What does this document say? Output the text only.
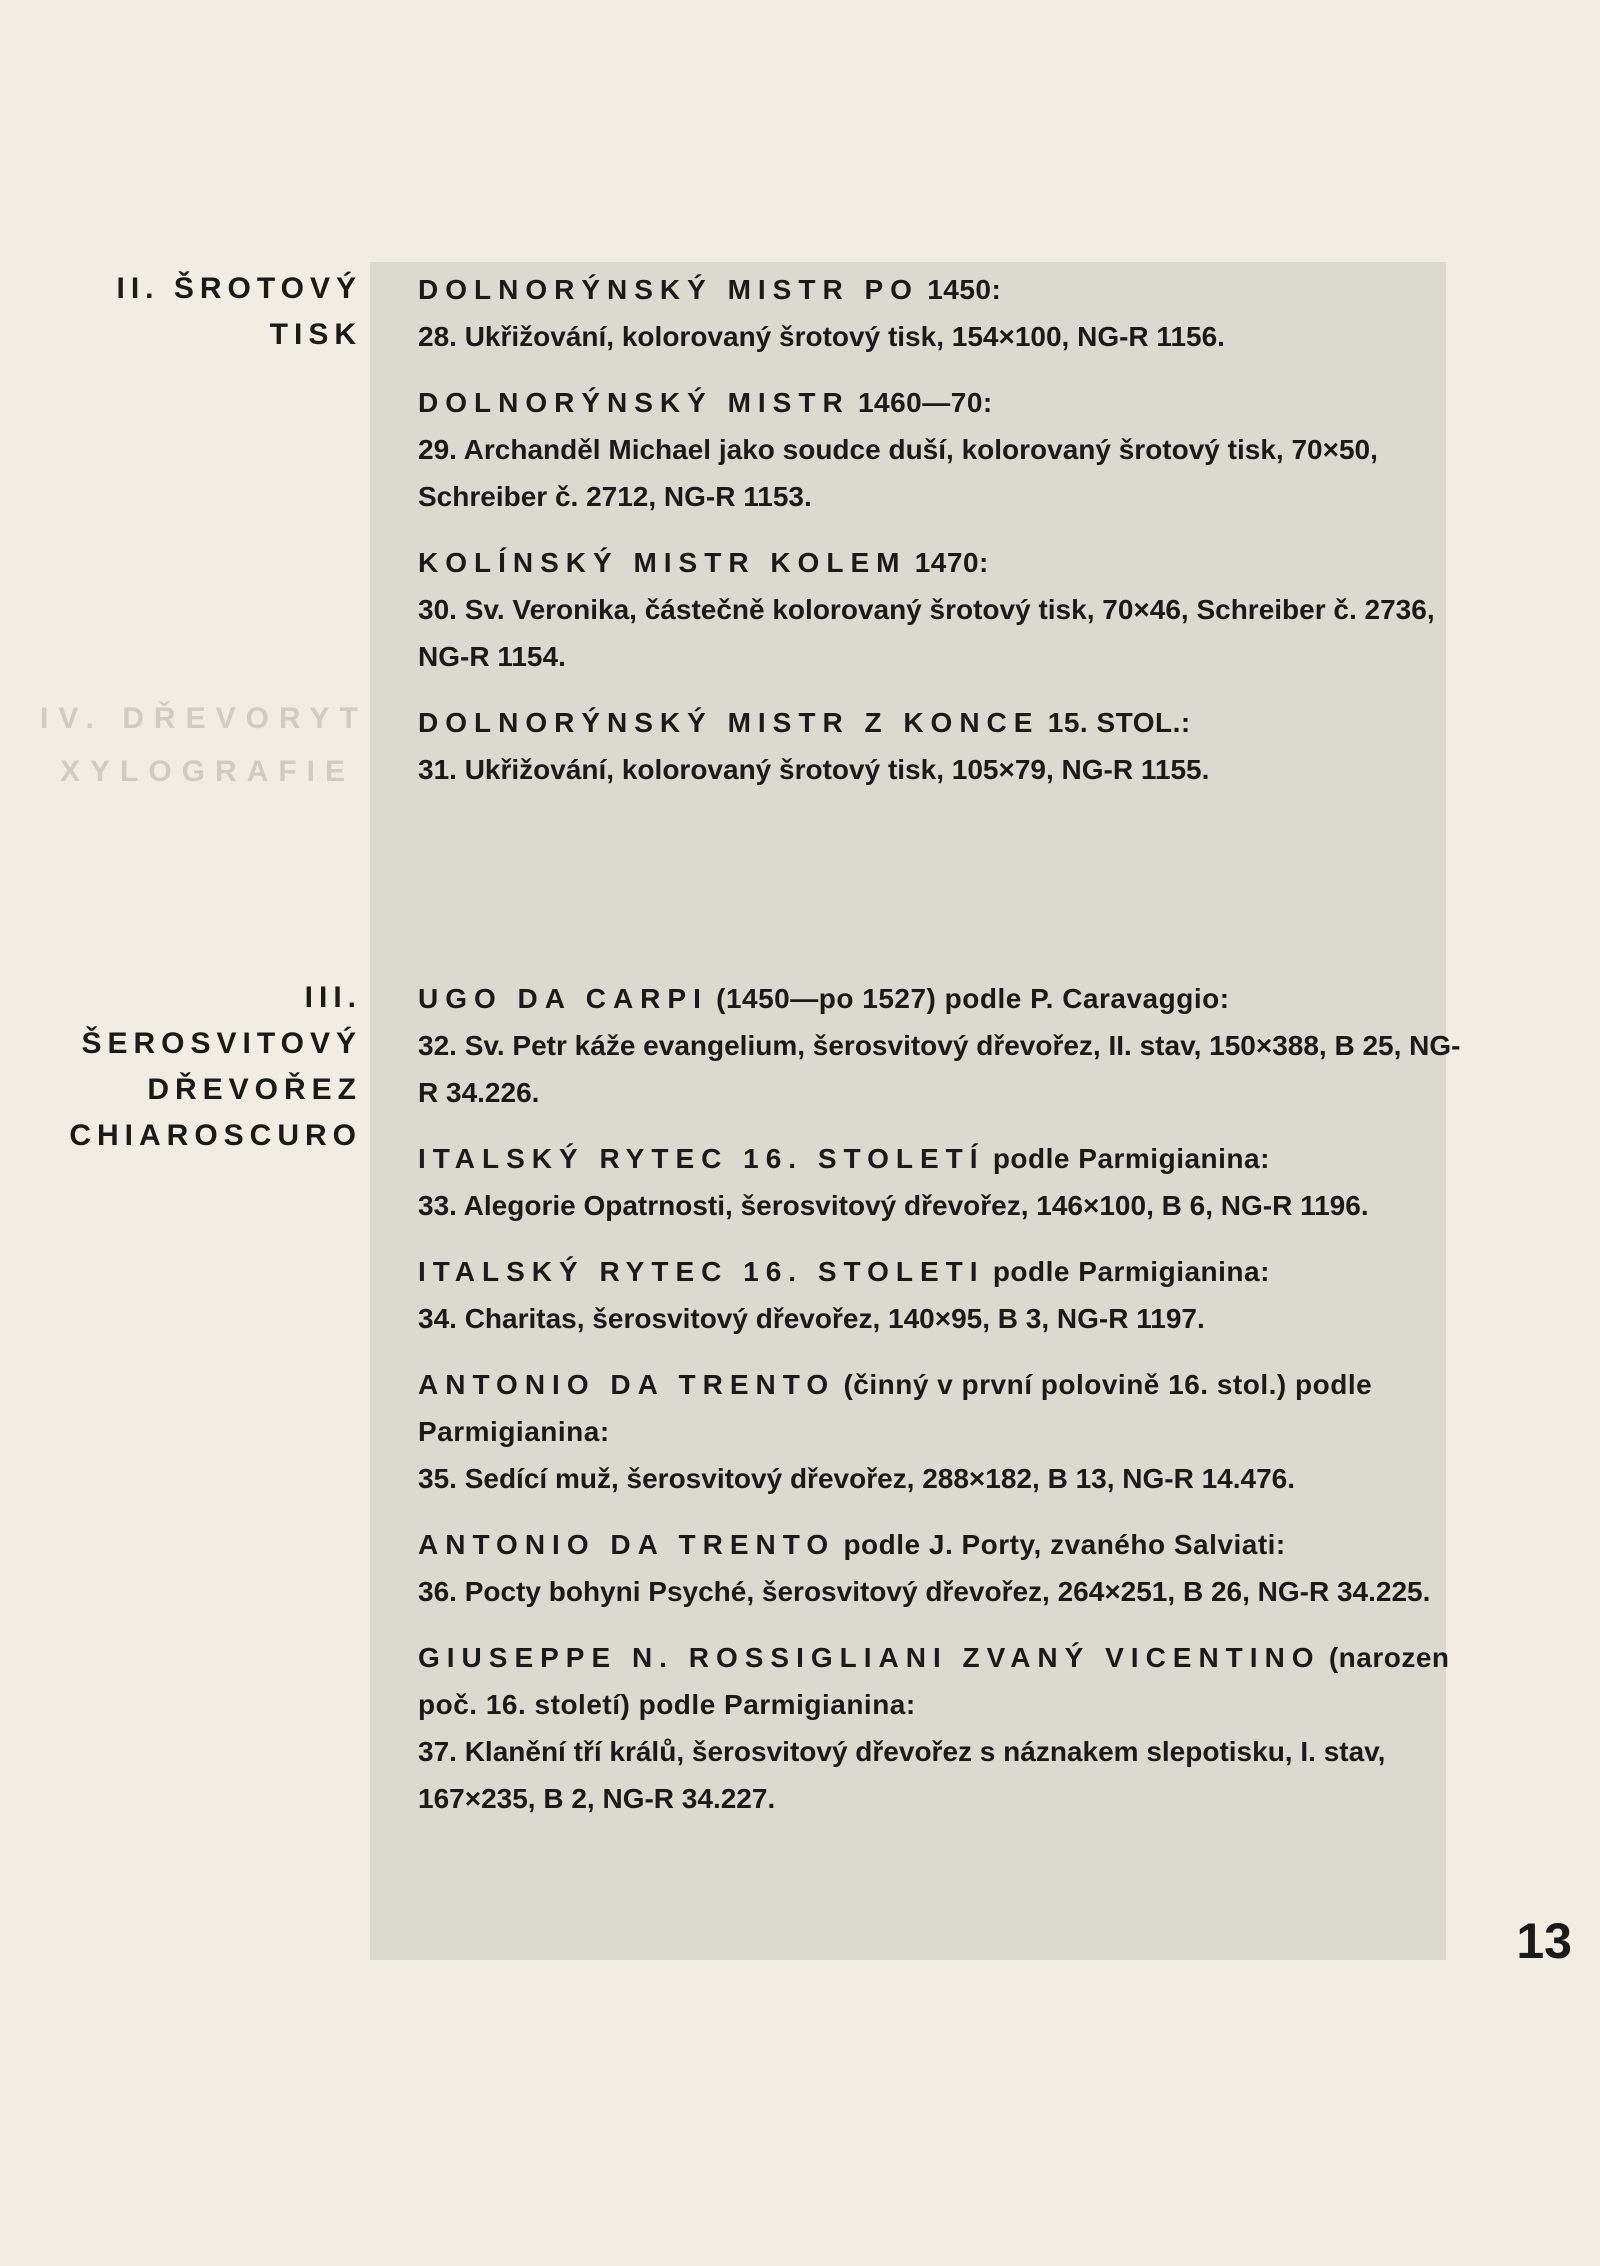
IV. DŘEVORYT
XYLOGRAFIE
II. ŠROTOVÝ
TISK
DOLNORÝNSKÝ MISTR PO 1450:
28. Ukřižování, kolorovaný šrotový tisk, 154×100, NG-R 1156.
DOLNORÝNSKÝ MISTR 1460—70:
29. Archanděl Michael jako soudce duší, kolorovaný šrotový tisk, 70×50, Schreiber č. 2712, NG-R 1153.
KOLÍNSKÝ MISTR KOLEM 1470:
30. Sv. Veronika, částečně kolorovaný šrotový tisk, 70×46, Schreiber č. 2736, NG-R 1154.
DOLNORÝNSKÝ MISTR Z KONCE 15. STOL.:
31. Ukřižování, kolorovaný šrotový tisk, 105×79, NG-R 1155.
III.
ŠEROSVITOVÝ
DŘEVOŘEZ
CHIAROSCURO
UGO DA CARPI (1450—po 1527) podle P. Caravaggio:
32. Sv. Petr káže evangelium, šerosvitový dřevořez, II. stav, 150×388, B 25, NG-R 34.226.
ITALSKÝ RYTEC 16. STOLETÍ podle Parmigianina:
33. Alegorie Opatrnosti, šerosvitový dřevořez, 146×100, B 6, NG-R 1196.
ITALSKÝ RYTEC 16. STOLETI podle Parmigianina:
34. Charitas, šerosvitový dřevořez, 140×95, B 3, NG-R 1197.
ANTONIO DA TRENTO (činný v první polovině 16. stol.) podle Parmigianina:
35. Sedící muž, šerosvitový dřevořez, 288×182, B 13, NG-R 14.476.
ANTONIO DA TRENTO podle J. Porty, zvaného Salviati:
36. Pocty bohyni Psyché, šerosvitový dřevořez, 264×251, B 26, NG-R 34.225.
GIUSEPPE N. ROSSIGLIANI ZVANÝ VICENTINO (narozen poč. 16. století) podle Parmigianina:
37. Klanění tří králů, šerosvitový dřevořez s náznakem slepotisku, I. stav, 167×235, B 2, NG-R 34.227.
13
